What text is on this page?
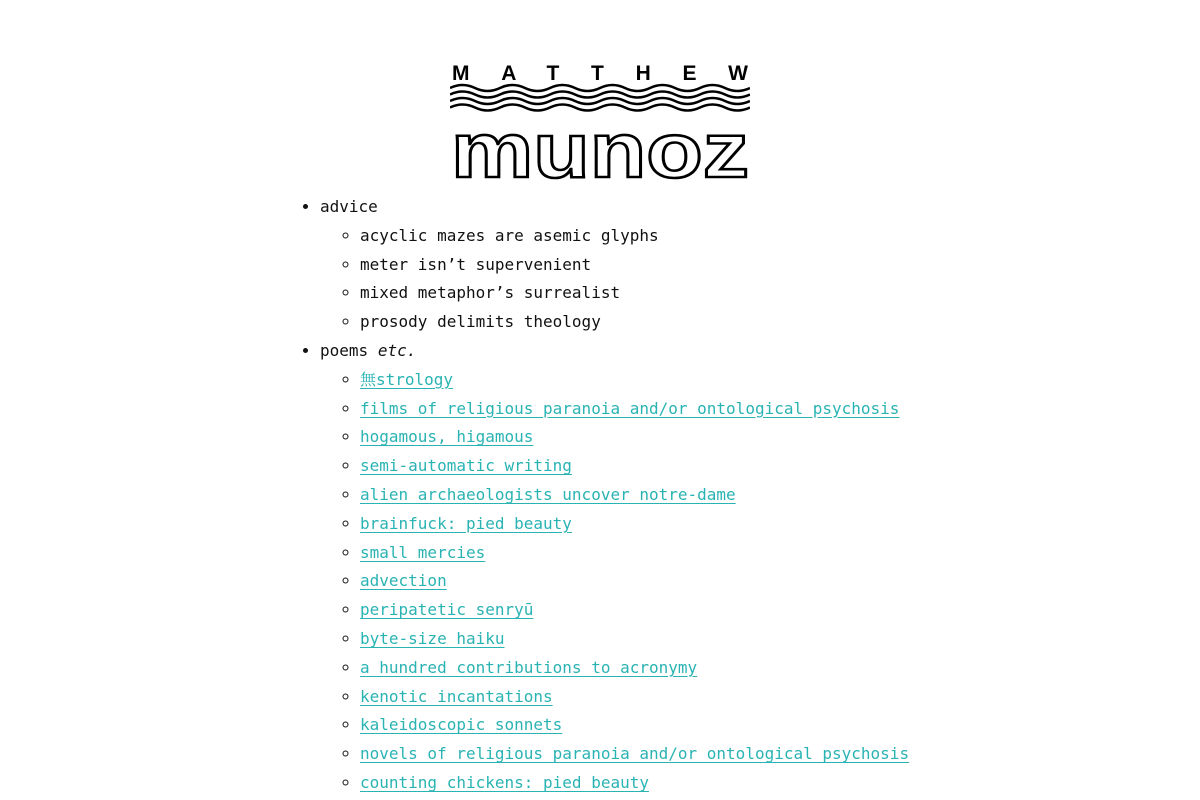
MATTHEW
munoz
• advice
◦ acyclic mazes are asemic glyphs
◦ meter isn’t supervenient
◦ mixed metaphor’s surrealist
◦ prosody delimits theology
• poems etc.
◦ 無strology
◦ films of religious paranoia and/or ontological psychosis
◦ hogamous, higamous
◦ semi-automatic writing
◦ alien archaeologists uncover notre-dame
◦ brainfuck: pied beauty
◦ small mercies
◦ advection
◦ peripatetic senryū
◦ byte-size haiku
◦ a hundred contributions to acronymy
◦ kenotic incantations
◦ kaleidoscopic sonnets
◦ novels of religious paranoia and/or ontological psychosis
◦ counting chickens: pied beauty
